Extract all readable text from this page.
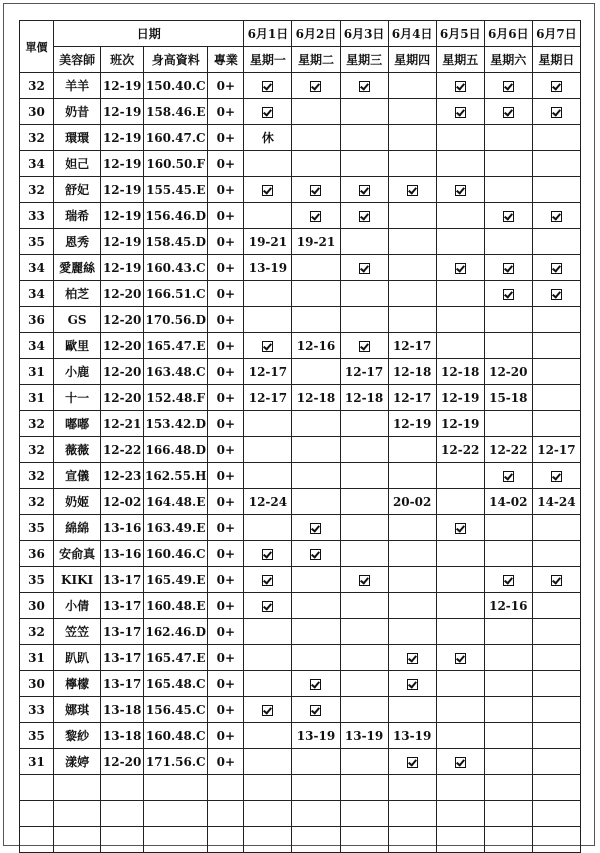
單價	日期				6月1日	6月2日	6月3日	6月4日	6月5日	6月6日	6月7日
	美容師	班次	身高資料	專業	星期一	星期二	星期三	星期四	星期五	星期六	星期日
32	羊羊	12-19	150.40.C	0+							
30	奶昔	12-19	158.46.E	0+							
32	環環	12-19	160.47.C	0+	休						
34	妲己	12-19	160.50.F	0+							
32	舒妃	12-19	155.45.E	0+							
33	瑞希	12-19	156.46.D	0+							
35	恩秀	12-19	158.45.D	0+	19-21	19-21					
34	愛麗絲	12-19	160.43.C	0+	13-19						
34	柏芝	12-20	166.51.C	0+							
36	GS	12-20	170.56.D	0+							
34	歐里	12-20	165.47.E	0+		12-16		12-17			
31	小鹿	12-20	163.48.C	0+	12-17		12-17	12-18	12-18	12-20	
31	十一	12-20	152.48.F	0+	12-17	12-18	12-18	12-17	12-19	15-18	
32	嘟嘟	12-21	153.42.D	0+				12-19	12-19		
32	薇薇	12-22	166.48.D	0+					12-22	12-22	12-17
32	宣儀	12-23	162.55.H	0+							
32	奶姬	12-02	164.48.E	0+	12-24			20-02		14-02	14-24
35	綿綿	13-16	163.49.E	0+							
36	安俞真	13-16	160.46.C	0+							
35	KIKI	13-17	165.49.E	0+							
30	小倩	13-17	160.48.E	0+						12-16	
32	笠笠	13-17	162.46.D	0+							
31	趴趴	13-17	165.47.E	0+							
30	檸檬	13-17	165.48.C	0+							
33	娜琪	13-18	156.45.C	0+							
35	黎紗	13-18	160.48.C	0+		13-19	13-19	13-19			
31	漾婷	12-20	171.56.C	0+							
